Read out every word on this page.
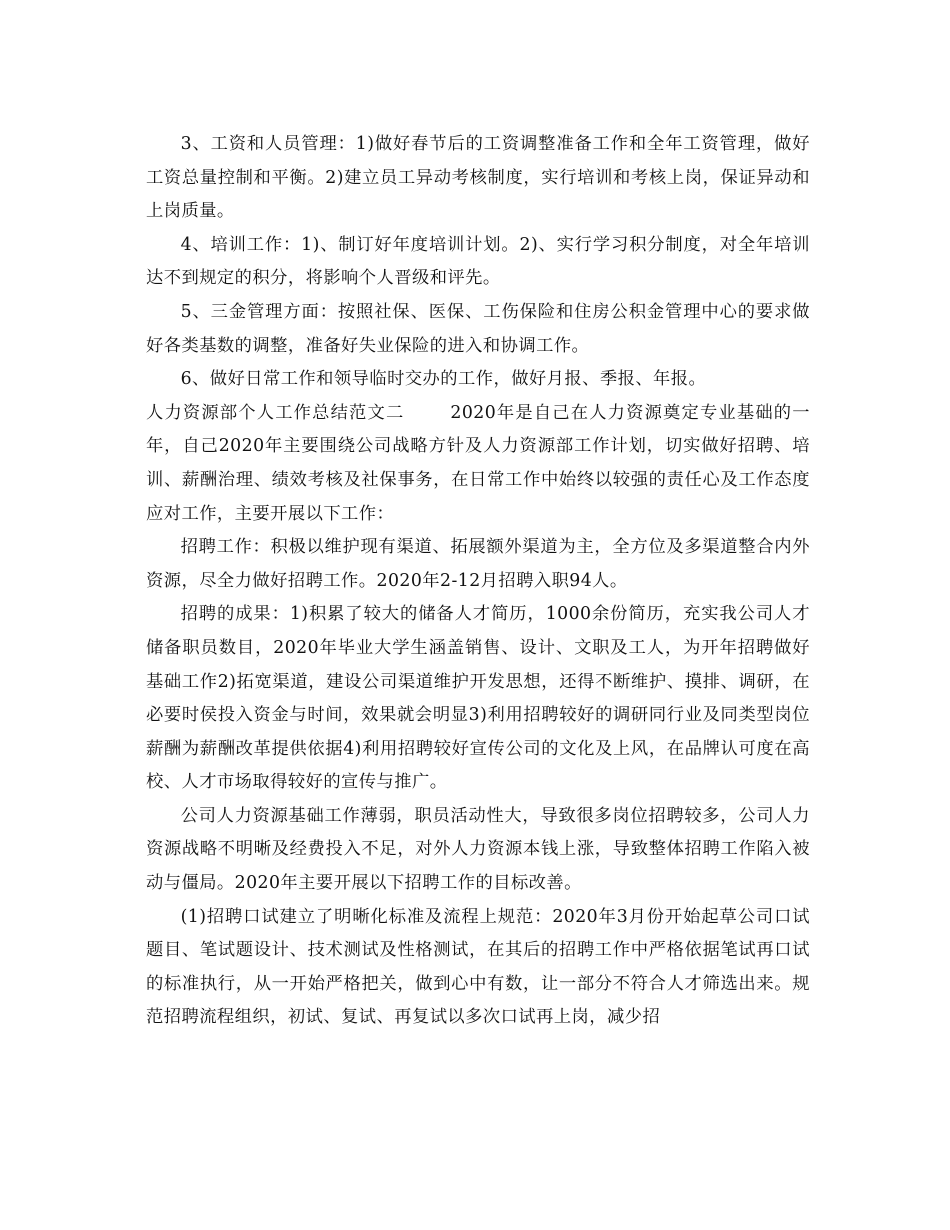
3、工资和人员管理：1)做好春节后的工资调整准备工作和全年工资管理，做好工资总量控制和平衡。2)建立员工异动考核制度，实行培训和考核上岗，保证异动和上岗质量。

4、培训工作：1)、制订好年度培训计划。2)、实行学习积分制度，对全年培训达不到规定的积分，将影响个人晋级和评先。

5、三金管理方面：按照社保、医保、工伤保险和住房公积金管理中心的要求做好各类基数的调整，准备好失业保险的进入和协调工作。

6、做好日常工作和领导临时交办的工作，做好月报、季报、年报。

人力资源部个人工作总结范文二	2020年是自己在人力资源奠定专业基础的一年，自己2020年主要围绕公司战略方针及人力资源部工作计划，切实做好招聘、培训、薪酬治理、绩效考核及社保事务，在日常工作中始终以较强的责任心及工作态度应对工作，主要开展以下工作：

招聘工作：积极以维护现有渠道、拓展额外渠道为主，全方位及多渠道整合内外资源，尽全力做好招聘工作。2020年2-12月招聘入职94人。

招聘的成果：1)积累了较大的储备人才简历，1000余份简历，充实我公司人才储备职员数目，2020年毕业大学生涵盖销售、设计、文职及工人，为开年招聘做好基础工作2)拓宽渠道，建设公司渠道维护开发思想，还得不断维护、摸排、调研，在必要时侯投入资金与时间，效果就会明显3)利用招聘较好的调研同行业及同类型岗位薪酬为薪酬改革提供依据4)利用招聘较好宣传公司的文化及上风，在品牌认可度在高校、人才市场取得较好的宣传与推广。

公司人力资源基础工作薄弱，职员活动性大，导致很多岗位招聘较多，公司人力资源战略不明晰及经费投入不足，对外人力资源本钱上涨，导致整体招聘工作陷入被动与僵局。2020年主要开展以下招聘工作的目标改善。

(1)招聘口试建立了明晰化标准及流程上规范：2020年3月份开始起草公司口试题目、笔试题设计、技术测试及性格测试，在其后的招聘工作中严格依据笔试再口试的标准执行，从一开始严格把关，做到心中有数，让一部分不符合人才筛选出来。规范招聘流程组织，初试、复试、再复试以多次口试再上岗，减少招
